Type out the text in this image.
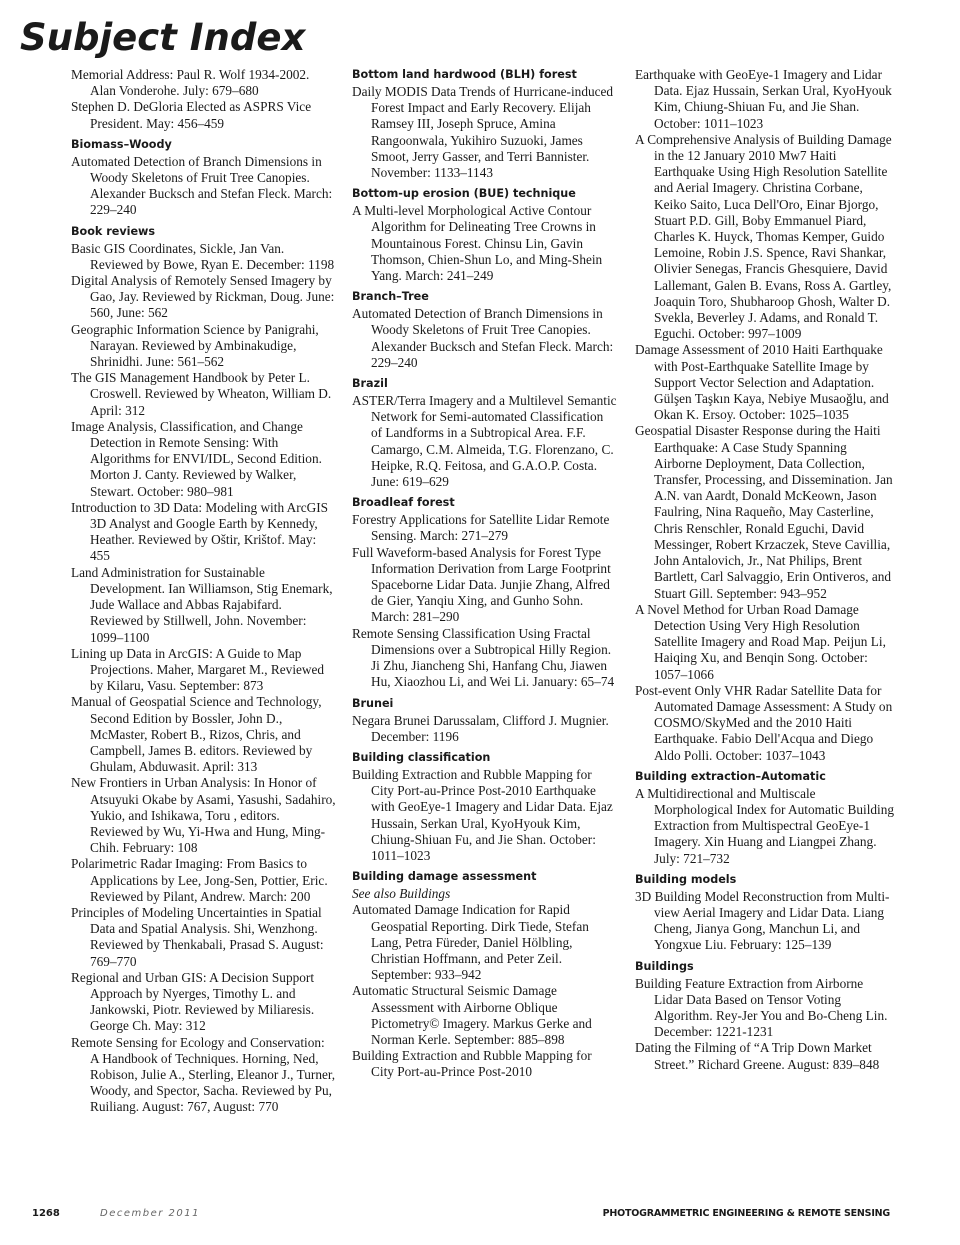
Subject Index
Memorial Address: Paul R. Wolf 1934-2002. Alan Vonderohe. July: 679–680
Stephen D. DeGloria Elected as ASPRS Vice President. May: 456–459
Biomass–Woody
Automated Detection of Branch Dimensions in Woody Skeletons of Fruit Tree Canopies. Alexander Bucksch and Stefan Fleck. March: 229–240
Book reviews
Basic GIS Coordinates, Sickle, Jan Van. Reviewed by Bowe, Ryan E. December: 1198
Digital Analysis of Remotely Sensed Imagery by Gao, Jay. Reviewed by Rickman, Doug. June: 560, June: 562
Geographic Information Science by Panigrahi, Narayan. Reviewed by Ambinakudige, Shrinidhi. June: 561–562
The GIS Management Handbook by Peter L. Croswell. Reviewed by Wheaton, William D. April: 312
Image Analysis, Classification, and Change Detection in Remote Sensing: With Algorithms for ENVI/IDL, Second Edition. Morton J. Canty. Reviewed by Walker, Stewart. October: 980–981
Introduction to 3D Data: Modeling with ArcGIS 3D Analyst and Google Earth by Kennedy, Heather. Reviewed by Oštir, Krištof. May: 455
Land Administration for Sustainable Development. Ian Williamson, Stig Enemark, Jude Wallace and Abbas Rajabifard. Reviewed by Stillwell, John. November: 1099–1100
Lining up Data in ArcGIS: A Guide to Map Projections. Maher, Margaret M., Reviewed by Kilaru, Vasu. September: 873
Manual of Geospatial Science and Technology, Second Edition by Bossler, John D., McMaster, Robert B., Rizos, Chris, and Campbell, James B. editors. Reviewed by Ghulam, Abduwasit. April: 313
New Frontiers in Urban Analysis: In Honor of Atsuyuki Okabe by Asami, Yasushi, Sadahiro, Yukio, and Ishikawa, Toru , editors. Reviewed by Wu, Yi-Hwa and Hung, Ming-Chih. February: 108
Polarimetric Radar Imaging: From Basics to Applications by Lee, Jong-Sen, Pottier, Eric. Reviewed by Pilant, Andrew. March: 200
Principles of Modeling Uncertainties in Spatial Data and Spatial Analysis. Shi, Wenzhong. Reviewed by Thenkabali, Prasad S. August: 769–770
Regional and Urban GIS: A Decision Support Approach by Nyerges, Timothy L. and Jankowski, Piotr. Reviewed by Miliaresis. George Ch. May: 312
Remote Sensing for Ecology and Conservation: A Handbook of Techniques. Horning, Ned, Robison, Julie A., Sterling, Eleanor J., Turner, Woody, and Spector, Sacha. Reviewed by Pu, Ruiliang. August: 767, August: 770
Bottom land hardwood (BLH) forest
Daily MODIS Data Trends of Hurricane-induced Forest Impact and Early Recovery. Elijah Ramsey III, Joseph Spruce, Amina Rangoonwala, Yukihiro Suzuoki, James Smoot, Jerry Gasser, and Terri Bannister. November: 1133–1143
Bottom-up erosion (BUE) technique
A Multi-level Morphological Active Contour Algorithm for Delineating Tree Crowns in Mountainous Forest. Chinsu Lin, Gavin Thomson, Chien-Shun Lo, and Ming-Shein Yang. March: 241–249
Branch–Tree
Automated Detection of Branch Dimensions in Woody Skeletons of Fruit Tree Canopies. Alexander Bucksch and Stefan Fleck. March: 229–240
Brazil
ASTER/Terra Imagery and a Multilevel Semantic Network for Semi-automated Classification of Landforms in a Subtropical Area. F.F. Camargo, C.M. Almeida, T.G. Florenzano, C. Heipke, R.Q. Feitosa, and G.A.O.P. Costa. June: 619–629
Broadleaf forest
Forestry Applications for Satellite Lidar Remote Sensing. March: 271–279
Full Waveform-based Analysis for Forest Type Information Derivation from Large Footprint Spaceborne Lidar Data. Junjie Zhang, Alfred de Gier, Yanqiu Xing, and Gunho Sohn. March: 281–290
Remote Sensing Classification Using Fractal Dimensions over a Subtropical Hilly Region. Ji Zhu, Jiancheng Shi, Hanfang Chu, Jiawen Hu, Xiaozhou Li, and Wei Li. January: 65–74
Brunei
Negara Brunei Darussalam, Clifford J. Mugnier. December: 1196
Building classification
Building Extraction and Rubble Mapping for City Port-au-Prince Post-2010 Earthquake with GeoEye-1 Imagery and Lidar Data. Ejaz Hussain, Serkan Ural, KyoHyouk Kim, Chiung-Shiuan Fu, and Jie Shan. October: 1011–1023
Building damage assessment
See also Buildings
Automated Damage Indication for Rapid Geospatial Reporting. Dirk Tiede, Stefan Lang, Petra Füreder, Daniel Hölbling, Christian Hoffmann, and Peter Zeil. September: 933–942
Automatic Structural Seismic Damage Assessment with Airborne Oblique Pictometry© Imagery. Markus Gerke and Norman Kerle. September: 885–898
Building Extraction and Rubble Mapping for City Port-au-Prince Post-2010
Earthquake with GeoEye-1 Imagery and Lidar Data. Ejaz Hussain, Serkan Ural, KyoHyouk Kim, Chiung-Shiuan Fu, and Jie Shan. October: 1011–1023
A Comprehensive Analysis of Building Damage in the 12 January 2010 Mw7 Haiti Earthquake Using High Resolution Satellite and Aerial Imagery. Christina Corbane, Keiko Saito, Luca Dell'Oro, Einar Bjorgo, Stuart P.D. Gill, Boby Emmanuel Piard, Charles K. Huyck, Thomas Kemper, Guido Lemoine, Robin J.S. Spence, Ravi Shankar, Olivier Senegas, Francis Ghesquiere, David Lallemant, Galen B. Evans, Ross A. Gartley, Joaquin Toro, Shubharoop Ghosh, Walter D. Svekla, Beverley J. Adams, and Ronald T. Eguchi. October: 997–1009
Damage Assessment of 2010 Haiti Earthquake with Post-Earthquake Satellite Image by Support Vector Selection and Adaptation. Gülşen Taşkın Kaya, Nebiye Musaoğlu, and Okan K. Ersoy. October: 1025–1035
Geospatial Disaster Response during the Haiti Earthquake: A Case Study Spanning Airborne Deployment, Data Collection, Transfer, Processing, and Dissemination. Jan A.N. van Aardt, Donald McKeown, Jason Faulring, Nina Raqueño, May Casterline, Chris Renschler, Ronald Eguchi, David Messinger, Robert Krzaczek, Steve Cavillia, John Antalovich, Jr., Nat Philips, Brent Bartlett, Carl Salvaggio, Erin Ontiveros, and Stuart Gill. September: 943–952
A Novel Method for Urban Road Damage Detection Using Very High Resolution Satellite Imagery and Road Map. Peijun Li, Haiqing Xu, and Benqin Song. October: 1057–1066
Post-event Only VHR Radar Satellite Data for Automated Damage Assessment: A Study on COSMO/SkyMed and the 2010 Haiti Earthquake. Fabio Dell'Acqua and Diego Aldo Polli. October: 1037–1043
Building extraction–Automatic
A Multidirectional and Multiscale Morphological Index for Automatic Building Extraction from Multispectral GeoEye-1 Imagery. Xin Huang and Liangpei Zhang. July: 721–732
Building models
3D Building Model Reconstruction from Multi-view Aerial Imagery and Lidar Data. Liang Cheng, Jianya Gong, Manchun Li, and Yongxue Liu. February: 125–139
Buildings
Building Feature Extraction from Airborne Lidar Data Based on Tensor Voting Algorithm. Rey-Jer You and Bo-Cheng Lin. December: 1221-1231
Dating the Filming of “A Trip Down Market Street.” Richard Greene. August: 839–848
1268	December 2011	PHOTOGRAMMETRIC ENGINEERING & REMOTE SENSING
